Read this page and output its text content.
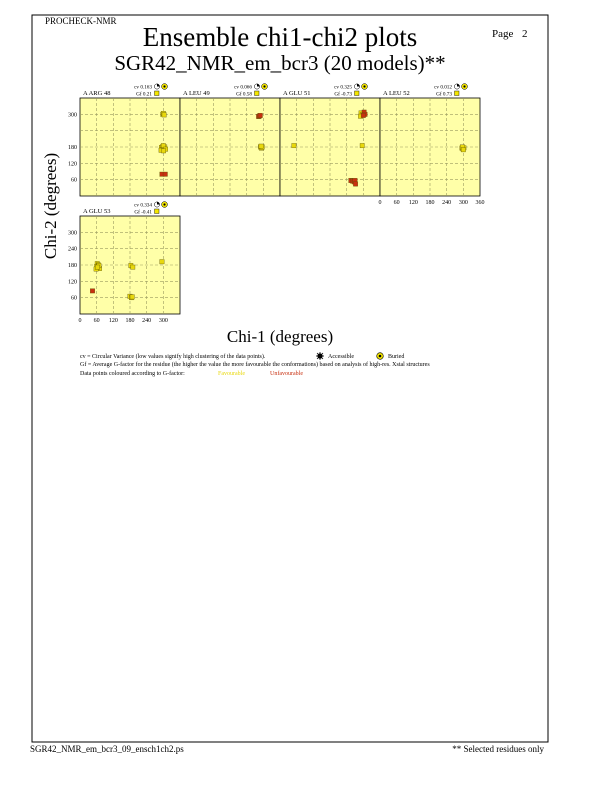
PROCHECK-NMR
Page 2
Ensemble chi1-chi2 plots
SGR42_NMR_em_bcr3 (20 models)**
A ARG 48
cv 0.163
Gf 0.21	A LEU 49
cv 0.066
Gf 0.58	A GLU 51
cv 0.325
Gf -0.73	A LEU 52
cv 0.012
Gf 0.73
A GLU 53
cv 0.334
Gf -0.41
60
120
180
300
60
120
180
240
300
0 60 120 180 240 300 360
0 60 120 180 240 300
Chi-1 (degrees)
Chi-2 (degrees)
cv = Circular Variance (low values signify high clustering of the data points).	Accessible	Buried
Gf = Average G-factor for the residue (the higher the value the more favourable the conformations) based on analysis of high-res. Xstal structures
Data points coloured according to G-factor:	Favourable	Unfavourable
SGR42_NMR_em_bcr3_09_ensch1ch2.ps	** Selected residues only
